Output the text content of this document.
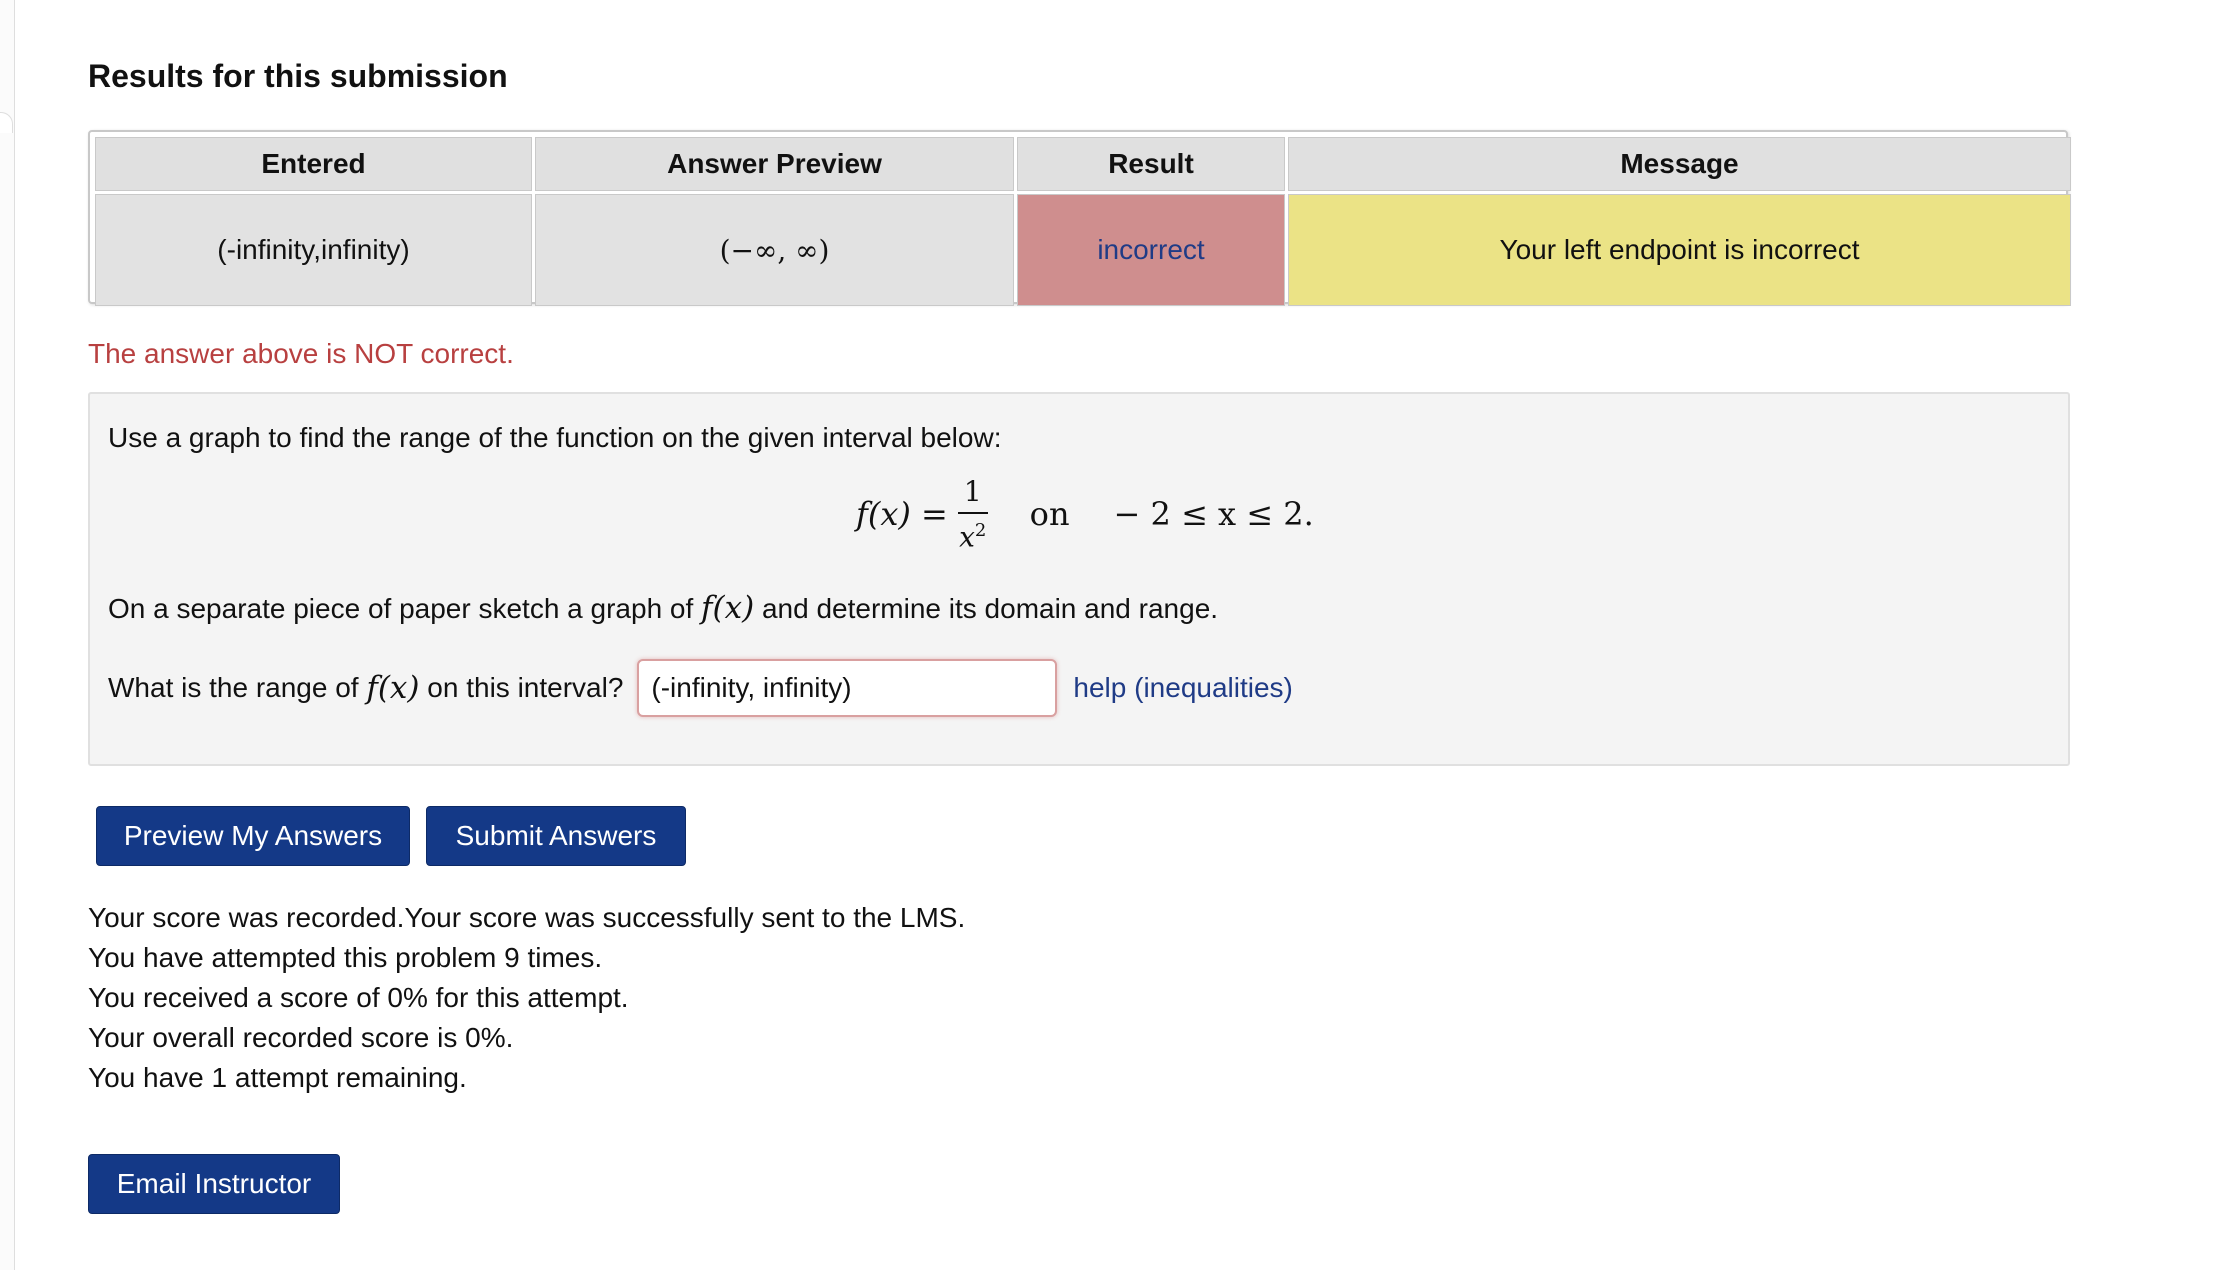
Results for this submission
Entered	Answer Preview	Result	Message
(-infinity,infinity)	(−∞, ∞)	incorrect	Your left endpoint is incorrect
The answer above is NOT correct.
Use a graph to find the range of the function on the given interval below:
$f(x) = \frac{1}{x^2}$ on − 2 ≤ x ≤ 2.
On a separate piece of paper sketch a graph of f(x) and determine its domain and range.
What is the range of
f(x)
on this interval?
(-infinity, infinity)	help (inequalities)
Preview My Answers	Submit Answers
Your score was recorded.Your score was successfully sent to the LMS.
You have attempted this problem 9 times.
You received a score of 0% for this attempt.
Your overall recorded score is 0%.
You have 1 attempt remaining.
Email Instructor
